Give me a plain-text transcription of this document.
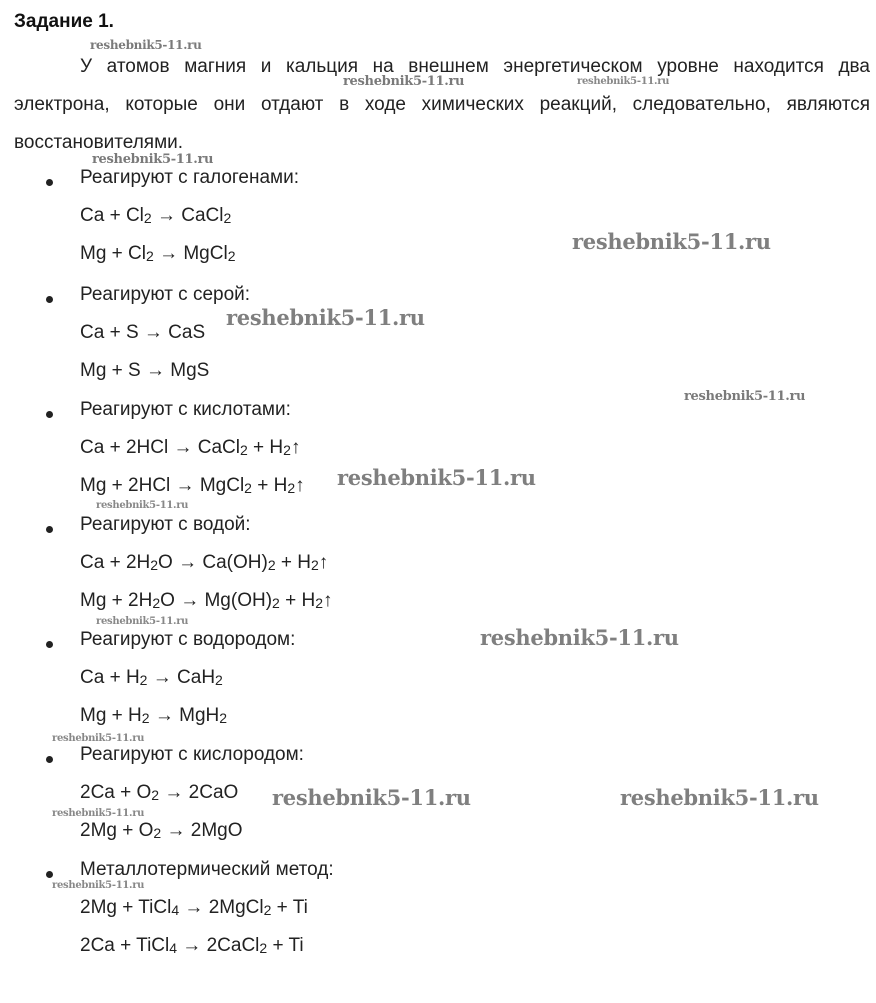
Задание 1.

У атомов магния и кальция на внешнем энергетическом уровне находится два электрона, которые они отдают в ходе химических реакций, следовательно, являются восстановителями.

Реагируют с галогенами:
$Ca + Cl_2$ → CaCl$_2$
$Mg + Cl_2$ → MgCl$_2$
Реагируют с серой:
Ca + S → CaS
Mg + S → MgS
Реагируют с кислотами:
Ca + 2HCl → CaCl$_2$ + $H_2↑$
Mg + 2HCl → MgCl$_2$ + $H_2↑$
Реагируют с водой:
$Ca + 2H_2O \to Ca(OH)_2$ + $H_2↑$
$Mg + 2H_2O \to Mg(OH)_2$ + $H_2↑$
Реагируют с водородом:
$Ca + H_2 \to CaH_2$
$Mg + H_2 \to MgH_2$
Реагируют с кислородом:
$2Ca + O_2 \to 2CaO$
$2Mg + O_2 \to 2MgO$
Металлотермический метод:
2Mg + TiCl$_4$ → 2MgCl$_2$ + Ti
2Ca + TiCl$_4$ → 2CaCl$_2$ + Ti
reshebnik5-11.ru
reshebnik5-11.ru	reshebnik5-11.ru
reshebnik5-11.ru
reshebnik5-11.ru
reshebnik5-11.ru
reshebnik5-11.ru
reshebnik5-11.ru
reshebnik5-11.ru
reshebnik5-11.ru
reshebnik5-11.ru
reshebnik5-11.ru
reshebnik5-11.ru	reshebnik5-11.ru
reshebnik5-11.ru
reshebnik5-11.ru
